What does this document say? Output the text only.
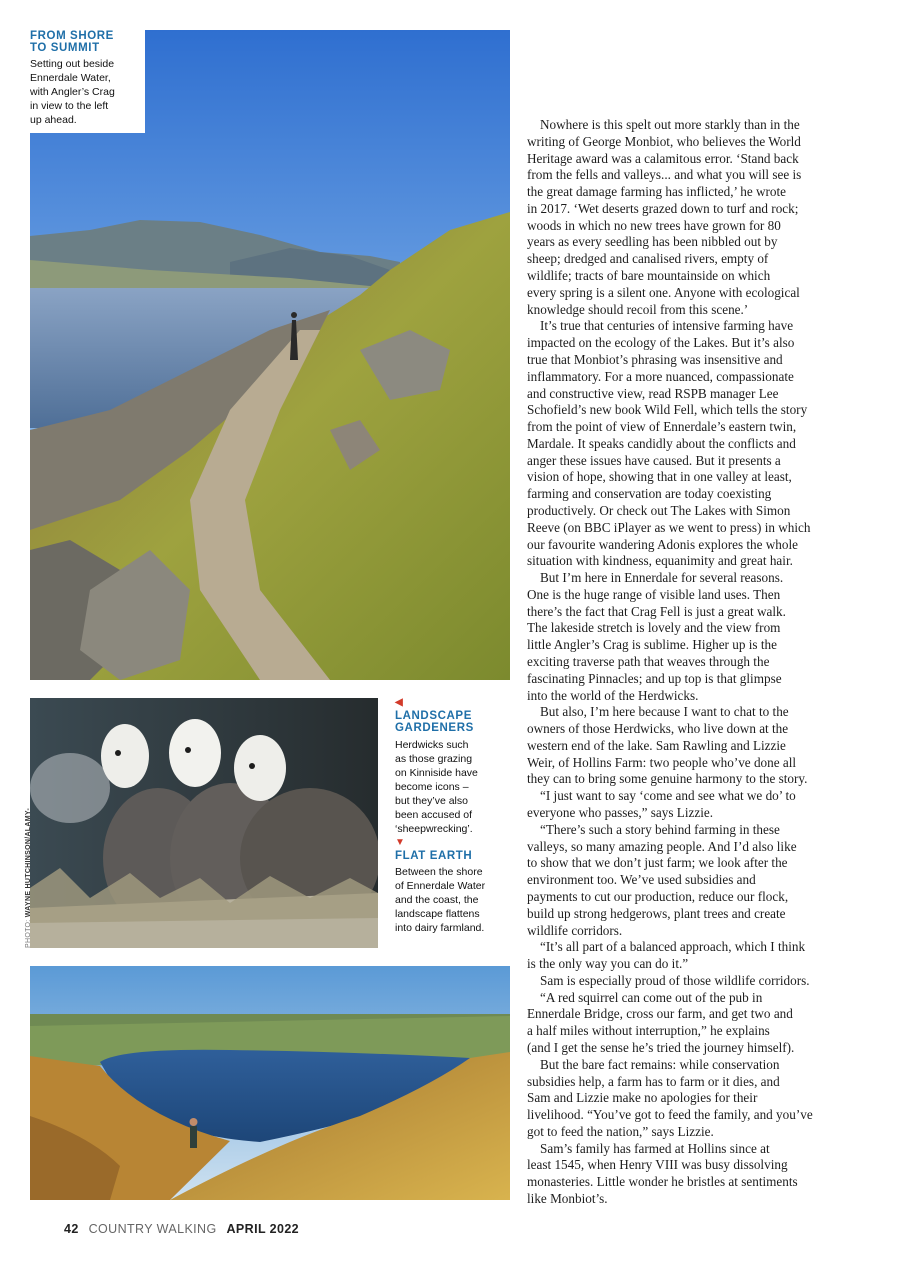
FROM SHORE
TO SUMMIT
Setting out beside
Ennerdale Water,
with Angler’s Crag
in view to the left
up ahead.
PHOTO: WAYNE HUTCHINSON/ALAMY-
◀
LANDSCAPE
GARDENERS
Herdwicks such
as those grazing
on Kinniside have
become icons –
but they’ve also
been accused of
‘sheepwrecking’.
▼
FLAT EARTH
Between the shore
of Ennerdale Water
and the coast, the
landscape flattens
into dairy farmland.
Nowhere is this spelt out more starkly than in the
writing of George Monbiot, who believes the World
Heritage award was a calamitous error. ‘Stand back
from the fells and valleys... and what you will see is
the great damage farming has inflicted,’ he wrote
in 2017. ‘Wet deserts grazed down to turf and rock;
woods in which no new trees have grown for 80
years as every seedling has been nibbled out by
sheep; dredged and canalised rivers, empty of
wildlife; tracts of bare mountainside on which
every spring is a silent one. Anyone with ecological
knowledge should recoil from this scene.’
It’s true that centuries of intensive farming have
impacted on the ecology of the Lakes. But it’s also
true that Monbiot’s phrasing was insensitive and
inflammatory. For a more nuanced, compassionate
and constructive view, read RSPB manager Lee
Schofield’s new book Wild Fell, which tells the story
from the point of view of Ennerdale’s eastern twin,
Mardale. It speaks candidly about the conflicts and
anger these issues have caused. But it presents a
vision of hope, showing that in one valley at least,
farming and conservation are today coexisting
productively. Or check out The Lakes with Simon
Reeve (on BBC iPlayer as we went to press) in which
our favourite wandering Adonis explores the whole
situation with kindness, equanimity and great hair.
But I’m here in Ennerdale for several reasons.
One is the huge range of visible land uses. Then
there’s the fact that Crag Fell is just a great walk.
The lakeside stretch is lovely and the view from
little Angler’s Crag is sublime. Higher up is the
exciting traverse path that weaves through the
fascinating Pinnacles; and up top is that glimpse
into the world of the Herdwicks.
But also, I’m here because I want to chat to the
owners of those Herdwicks, who live down at the
western end of the lake. Sam Rawling and Lizzie
Weir, of Hollins Farm: two people who’ve done all
they can to bring some genuine harmony to the story.
“I just want to say ‘come and see what we do’ to
everyone who passes,” says Lizzie.
“There’s such a story behind farming in these
valleys, so many amazing people. And I’d also like
to show that we don’t just farm; we look after the
environment too. We’ve used subsidies and
payments to cut our production, reduce our flock,
build up strong hedgerows, plant trees and create
wildlife corridors.
“It’s all part of a balanced approach, which I think
is the only way you can do it.”
Sam is especially proud of those wildlife corridors.
“A red squirrel can come out of the pub in
Ennerdale Bridge, cross our farm, and get two and
a half miles without interruption,” he explains
(and I get the sense he’s tried the journey himself).
But the bare fact remains: while conservation
subsidies help, a farm has to farm or it dies, and
Sam and Lizzie make no apologies for their
livelihood. “You’ve got to feed the family, and you’ve
got to feed the nation,” says Lizzie.
Sam’s family has farmed at Hollins since at
least 1545, when Henry VIII was busy dissolving
monasteries. Little wonder he bristles at sentiments
like Monbiot’s.
42 COUNTRY WALKING APRIL 2022
